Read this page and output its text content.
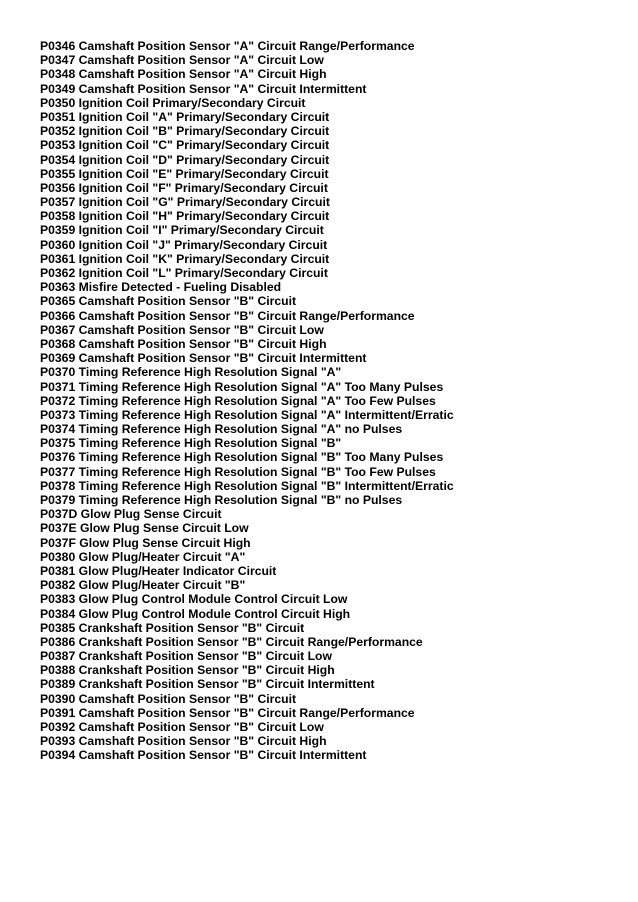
P0346 Camshaft Position Sensor "A" Circuit Range/Performance
P0347 Camshaft Position Sensor "A" Circuit Low
P0348 Camshaft Position Sensor "A" Circuit High
P0349 Camshaft Position Sensor "A" Circuit Intermittent
P0350 Ignition Coil Primary/Secondary Circuit
P0351 Ignition Coil "A" Primary/Secondary Circuit
P0352 Ignition Coil "B" Primary/Secondary Circuit
P0353 Ignition Coil "C" Primary/Secondary Circuit
P0354 Ignition Coil "D" Primary/Secondary Circuit
P0355 Ignition Coil "E" Primary/Secondary Circuit
P0356 Ignition Coil "F" Primary/Secondary Circuit
P0357 Ignition Coil "G" Primary/Secondary Circuit
P0358 Ignition Coil "H" Primary/Secondary Circuit
P0359 Ignition Coil "I" Primary/Secondary Circuit
P0360 Ignition Coil "J" Primary/Secondary Circuit
P0361 Ignition Coil "K" Primary/Secondary Circuit
P0362 Ignition Coil "L" Primary/Secondary Circuit
P0363 Misfire Detected - Fueling Disabled
P0365 Camshaft Position Sensor "B" Circuit
P0366 Camshaft Position Sensor "B" Circuit Range/Performance
P0367 Camshaft Position Sensor "B" Circuit Low
P0368 Camshaft Position Sensor "B" Circuit High
P0369 Camshaft Position Sensor "B" Circuit Intermittent
P0370 Timing Reference High Resolution Signal "A"
P0371 Timing Reference High Resolution Signal "A" Too Many Pulses
P0372 Timing Reference High Resolution Signal "A" Too Few Pulses
P0373 Timing Reference High Resolution Signal "A" Intermittent/Erratic
P0374 Timing Reference High Resolution Signal "A" no Pulses
P0375 Timing Reference High Resolution Signal "B"
P0376 Timing Reference High Resolution Signal "B" Too Many Pulses
P0377 Timing Reference High Resolution Signal "B" Too Few Pulses
P0378 Timing Reference High Resolution Signal "B" Intermittent/Erratic
P0379 Timing Reference High Resolution Signal "B" no Pulses
P037D Glow Plug Sense Circuit
P037E Glow Plug Sense Circuit Low
P037F Glow Plug Sense Circuit High
P0380 Glow Plug/Heater Circuit "A"
P0381 Glow Plug/Heater Indicator Circuit
P0382 Glow Plug/Heater Circuit "B"
P0383 Glow Plug Control Module Control Circuit Low
P0384 Glow Plug Control Module Control Circuit High
P0385 Crankshaft Position Sensor "B" Circuit
P0386 Crankshaft Position Sensor "B" Circuit Range/Performance
P0387 Crankshaft Position Sensor "B" Circuit Low
P0388 Crankshaft Position Sensor "B" Circuit High
P0389 Crankshaft Position Sensor "B" Circuit Intermittent
P0390 Camshaft Position Sensor "B" Circuit
P0391 Camshaft Position Sensor "B" Circuit Range/Performance
P0392 Camshaft Position Sensor "B" Circuit Low
P0393 Camshaft Position Sensor "B" Circuit High
P0394 Camshaft Position Sensor "B" Circuit Intermittent
